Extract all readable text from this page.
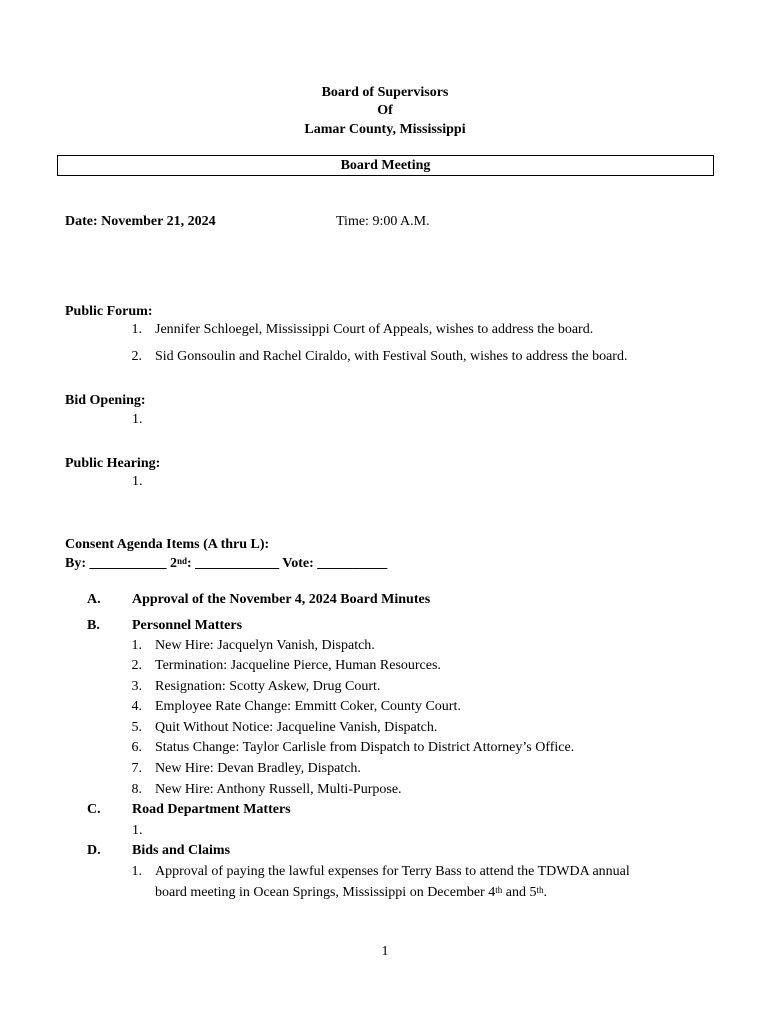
Board of Supervisors
Of
Lamar County, Mississippi
Board Meeting
Date: November 21, 2024	Time: 9:00 A.M.
Public Forum:
1. Jennifer Schloegel, Mississippi Court of Appeals, wishes to address the board.
2. Sid Gonsoulin and Rachel Ciraldo, with Festival South, wishes to address the board.
Bid Opening:
1.
Public Hearing:
1.
Consent Agenda Items (A thru L):
By: ___________ 2nd: ____________ Vote: __________
A. Approval of the November 4, 2024 Board Minutes
B. Personnel Matters
1. New Hire: Jacquelyn Vanish, Dispatch.
2. Termination: Jacqueline Pierce, Human Resources.
3. Resignation: Scotty Askew, Drug Court.
4. Employee Rate Change: Emmitt Coker, County Court.
5. Quit Without Notice: Jacqueline Vanish, Dispatch.
6. Status Change: Taylor Carlisle from Dispatch to District Attorney’s Office.
7. New Hire: Devan Bradley, Dispatch.
8. New Hire: Anthony Russell, Multi-Purpose.
C. Road Department Matters
1.
D. Bids and Claims
1. Approval of paying the lawful expenses for Terry Bass to attend the TDWDA annual
board meeting in Ocean Springs, Mississippi on December 4th and 5th.
1
